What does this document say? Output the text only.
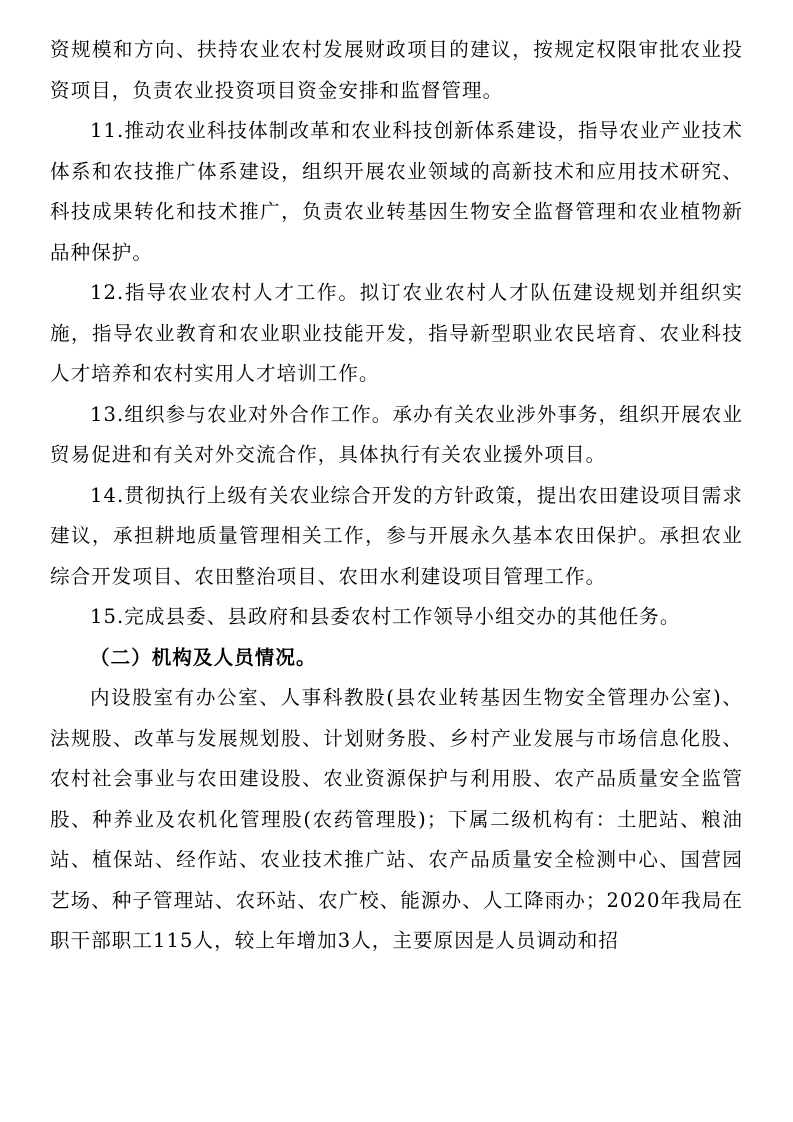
资规模和方向、扶持农业农村发展财政项目的建议，按规定权限审批农业投资项目，负责农业投资项目资金安排和监督管理。

11.推动农业科技体制改革和农业科技创新体系建设，指导农业产业技术体系和农技推广体系建设，组织开展农业领域的高新技术和应用技术研究、科技成果转化和技术推广，负责农业转基因生物安全监督管理和农业植物新品种保护。

12.指导农业农村人才工作。拟订农业农村人才队伍建设规划并组织实施，指导农业教育和农业职业技能开发，指导新型职业农民培育、农业科技人才培养和农村实用人才培训工作。

13.组织参与农业对外合作工作。承办有关农业涉外事务，组织开展农业贸易促进和有关对外交流合作，具体执行有关农业援外项目。

14.贯彻执行上级有关农业综合开发的方针政策，提出农田建设项目需求建议，承担耕地质量管理相关工作，参与开展永久基本农田保护。承担农业综合开发项目、农田整治项目、农田水利建设项目管理工作。

15.完成县委、县政府和县委农村工作领导小组交办的其他任务。

（二）机构及人员情况。

内设股室有办公室、人事科教股(县农业转基因生物安全管理办公室)、法规股、改革与发展规划股、计划财务股、乡村产业发展与市场信息化股、农村社会事业与农田建设股、农业资源保护与利用股、农产品质量安全监管股、种养业及农机化管理股(农药管理股)；下属二级机构有：土肥站、粮油站、植保站、经作站、农业技术推广站、农产品质量安全检测中心、国营园艺场、种子管理站、农环站、农广校、能源办、人工降雨办；2020年我局在职干部职工115人，较上年增加3人，主要原因是人员调动和招
